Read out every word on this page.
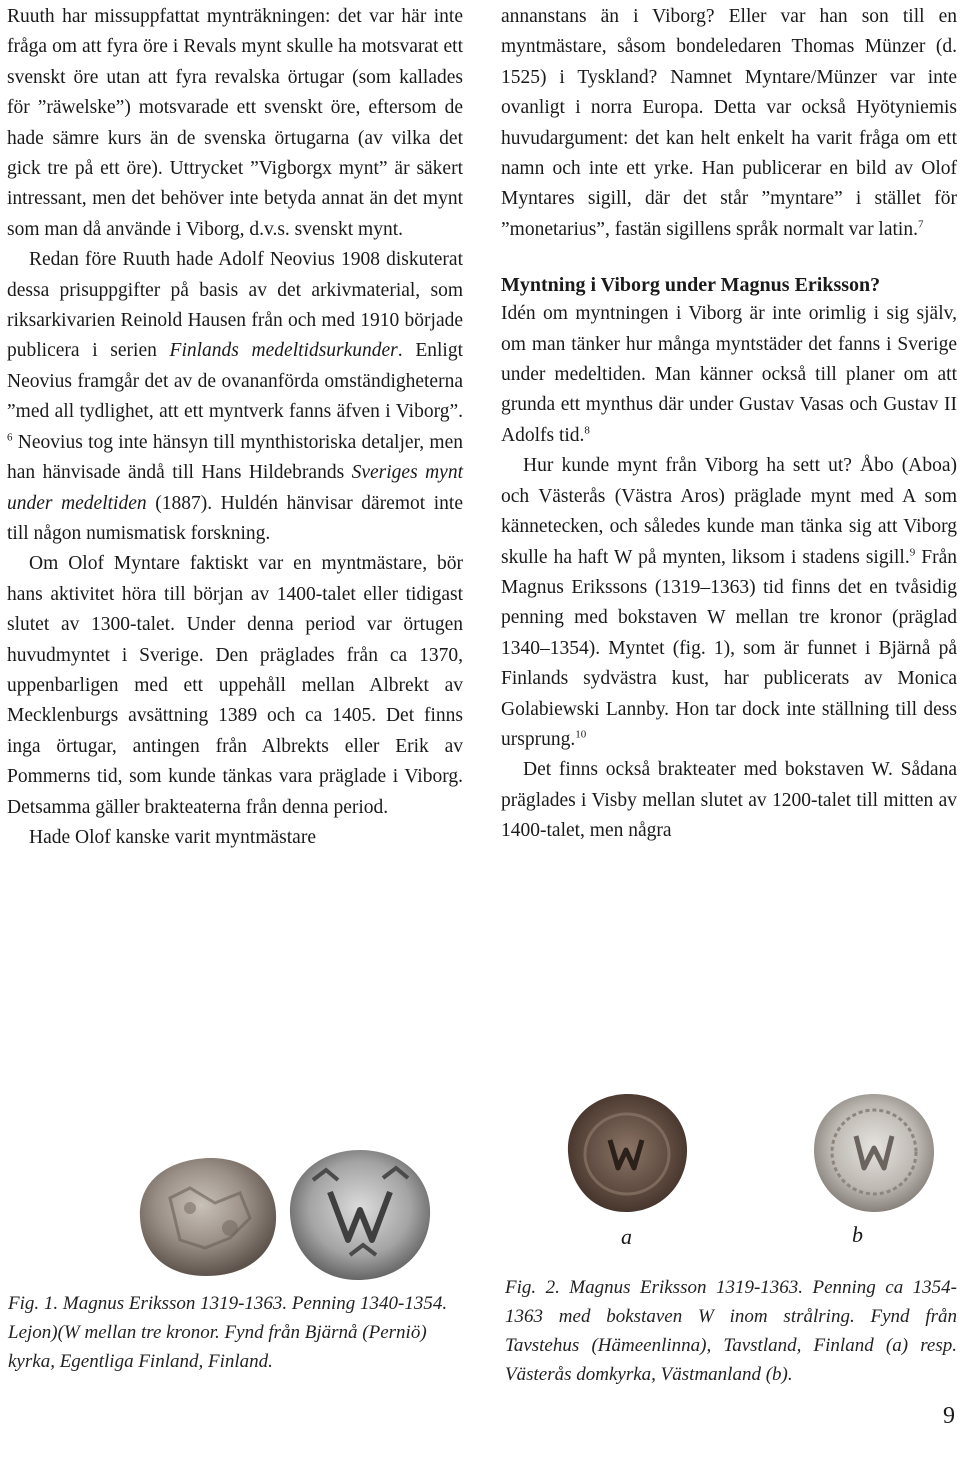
Ruuth har missuppfattat mynträkningen: det var här inte fråga om att fyra öre i Revals mynt skulle ha motsvarat ett svenskt öre utan att fyra revalska örtugar (som kallades för ”räwelske”) motsvarade ett svenskt öre, eftersom de hade sämre kurs än de svenska örtugarna (av vilka det gick tre på ett öre). Uttrycket ”Vigborgx mynt” är säkert intressant, men det behöver inte betyda annat än det mynt som man då använde i Viborg, d.v.s. svenskt mynt.

Redan före Ruuth hade Adolf Neovius 1908 diskuterat dessa prisuppgifter på basis av det arkivmaterial, som riksarkivarien Reinold Hausen från och med 1910 började publicera i serien Finlands medeltidsurkunder. Enligt Neovius framgår det av de ovananförda omständigheterna ”med all tydlighet, att ett myntverk fanns äfven i Viborg”. $^6$ Neovius tog inte hänsyn till mynthistoriska detaljer, men han hänvisade ändå till Hans Hildebrands Sveriges mynt under medeltiden (1887). Huldén hänvisar däremot inte till någon numismatisk forskning.

Om Olof Myntare faktiskt var en myntmästare, bör hans aktivitet höra till början av 1400-talet eller tidigast slutet av 1300-talet. Under denna period var örtugen huvudmyntet i Sverige. Den präglades från ca 1370, uppenbarligen med ett uppehåll mellan Albrekt av Mecklenburgs avsättning 1389 och ca 1405. Det finns inga örtugar, antingen från Albrekts eller Erik av Pommerns tid, som kunde tänkas vara präglade i Viborg. Detsamma gäller brakteaterna från denna period.

Hade Olof kanske varit myntmästare

annanstans än i Viborg? Eller var han son till en myntmästare, såsom bondeledaren Thomas Münzer (d. 1525) i Tyskland? Namnet Myntare/Münzer var inte ovanligt i norra Europa. Detta var också Hyötyniemis huvudargument: det kan helt enkelt ha varit fråga om ett namn och inte ett yrke. Han publicerar en bild av Olof Myntares sigill, där det står ”myntare” i stället för ”monetarius”, fastän sigillens språk normalt var latin.$^7$

Myntning i Viborg under Magnus Eriksson?

Idén om myntningen i Viborg är inte orimlig i sig själv, om man tänker hur många myntstäder det fanns i Sverige under medeltiden. Man känner också till planer om att grunda ett mynthus där under Gustav Vasas och Gustav II Adolfs tid.$^8$

Hur kunde mynt från Viborg ha sett ut? Åbo (Aboa) och Västerås (Västra Aros) präglade mynt med A som kännetecken, och således kunde man tänka sig att Viborg skulle ha haft W på mynten, liksom i stadens sigill.$^9$ Från Magnus Erikssons (1319–1363) tid finns det en tvåsidig penning med bokstaven W mellan tre kronor (präglad 1340–1354). Myntet (fig. 1), som är funnet i Bjärnå på Finlands sydvästra kust, har publicerats av Monica Golabiewski Lannby. Hon tar dock inte ställning till dess ursprung.$^{10}$

Det finns också brakteater med bokstaven W. Sådana präglades i Visby mellan slutet av 1200-talet till mitten av 1400-talet, men några

a	b
Fig. 1. Magnus Eriksson 1319-1363. Penning 1340-1354. Lejon)(W mellan tre kronor. Fynd från Bjärnå (Perniö) kyrka, Egentliga Finland, Finland.
Fig. 2. Magnus Eriksson 1319-1363. Penning ca 1354-1363 med bokstaven W inom strålring. Fynd från Tavstehus (Hämeenlinna), Tavstland, Finland (a) resp. Västerås domkyrka, Västmanland (b).
9
